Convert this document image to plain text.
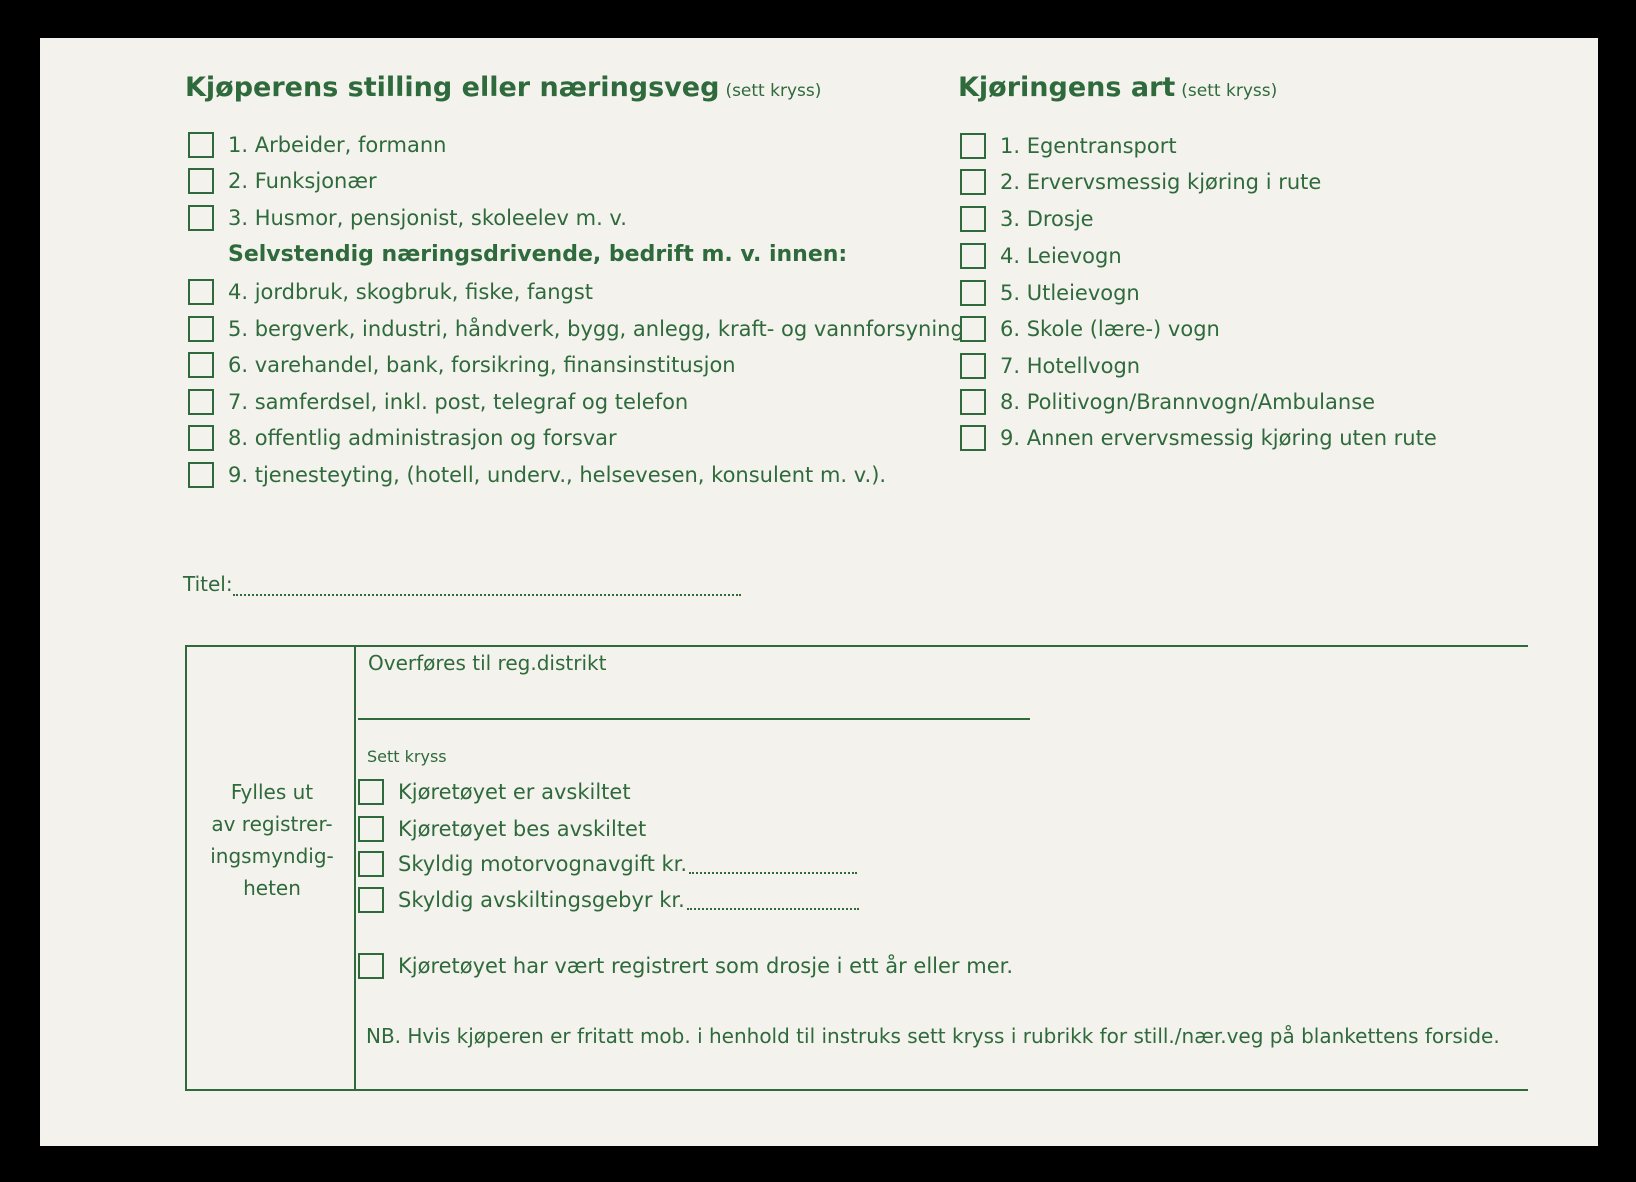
Kjøperens stilling eller næringsveg (sett kryss)	Kjøringens art (sett kryss)
1. Arbeider, formann
2. Funksjonær
3. Husmor, pensjonist, skoleelev m. v.
Selvstendig næringsdrivende, bedrift m. v. innen:
4. jordbruk, skogbruk, fiske, fangst
5. bergverk, industri, håndverk, bygg, anlegg, kraft- og vannforsyning
6. varehandel, bank, forsikring, finansinstitusjon
7. samferdsel, inkl. post, telegraf og telefon
8. offentlig administrasjon og forsvar
9. tjenesteyting, (hotell, underv., helsevesen, konsulent m. v.).
1. Egentransport
2. Ervervsmessig kjøring i rute
3. Drosje
4. Leievogn
5. Utleievogn
6. Skole (lære-) vogn
7. Hotellvogn
8. Politivogn/Brannvogn/Ambulanse
9. Annen ervervsmessig kjøring uten rute
Titel:
Fylles ut
av registrer-
ingsmyndig-
heten
Overføres til reg.distrikt
Sett kryss
Kjøretøyet er avskiltet
Kjøretøyet bes avskiltet
Skyldig motorvognavgift kr.
Skyldig avskiltingsgebyr kr.
Kjøretøyet har vært registrert som drosje i ett år eller mer.
NB. Hvis kjøperen er fritatt mob. i henhold til instruks sett kryss i rubrikk for still./nær.veg på blankettens forside.
